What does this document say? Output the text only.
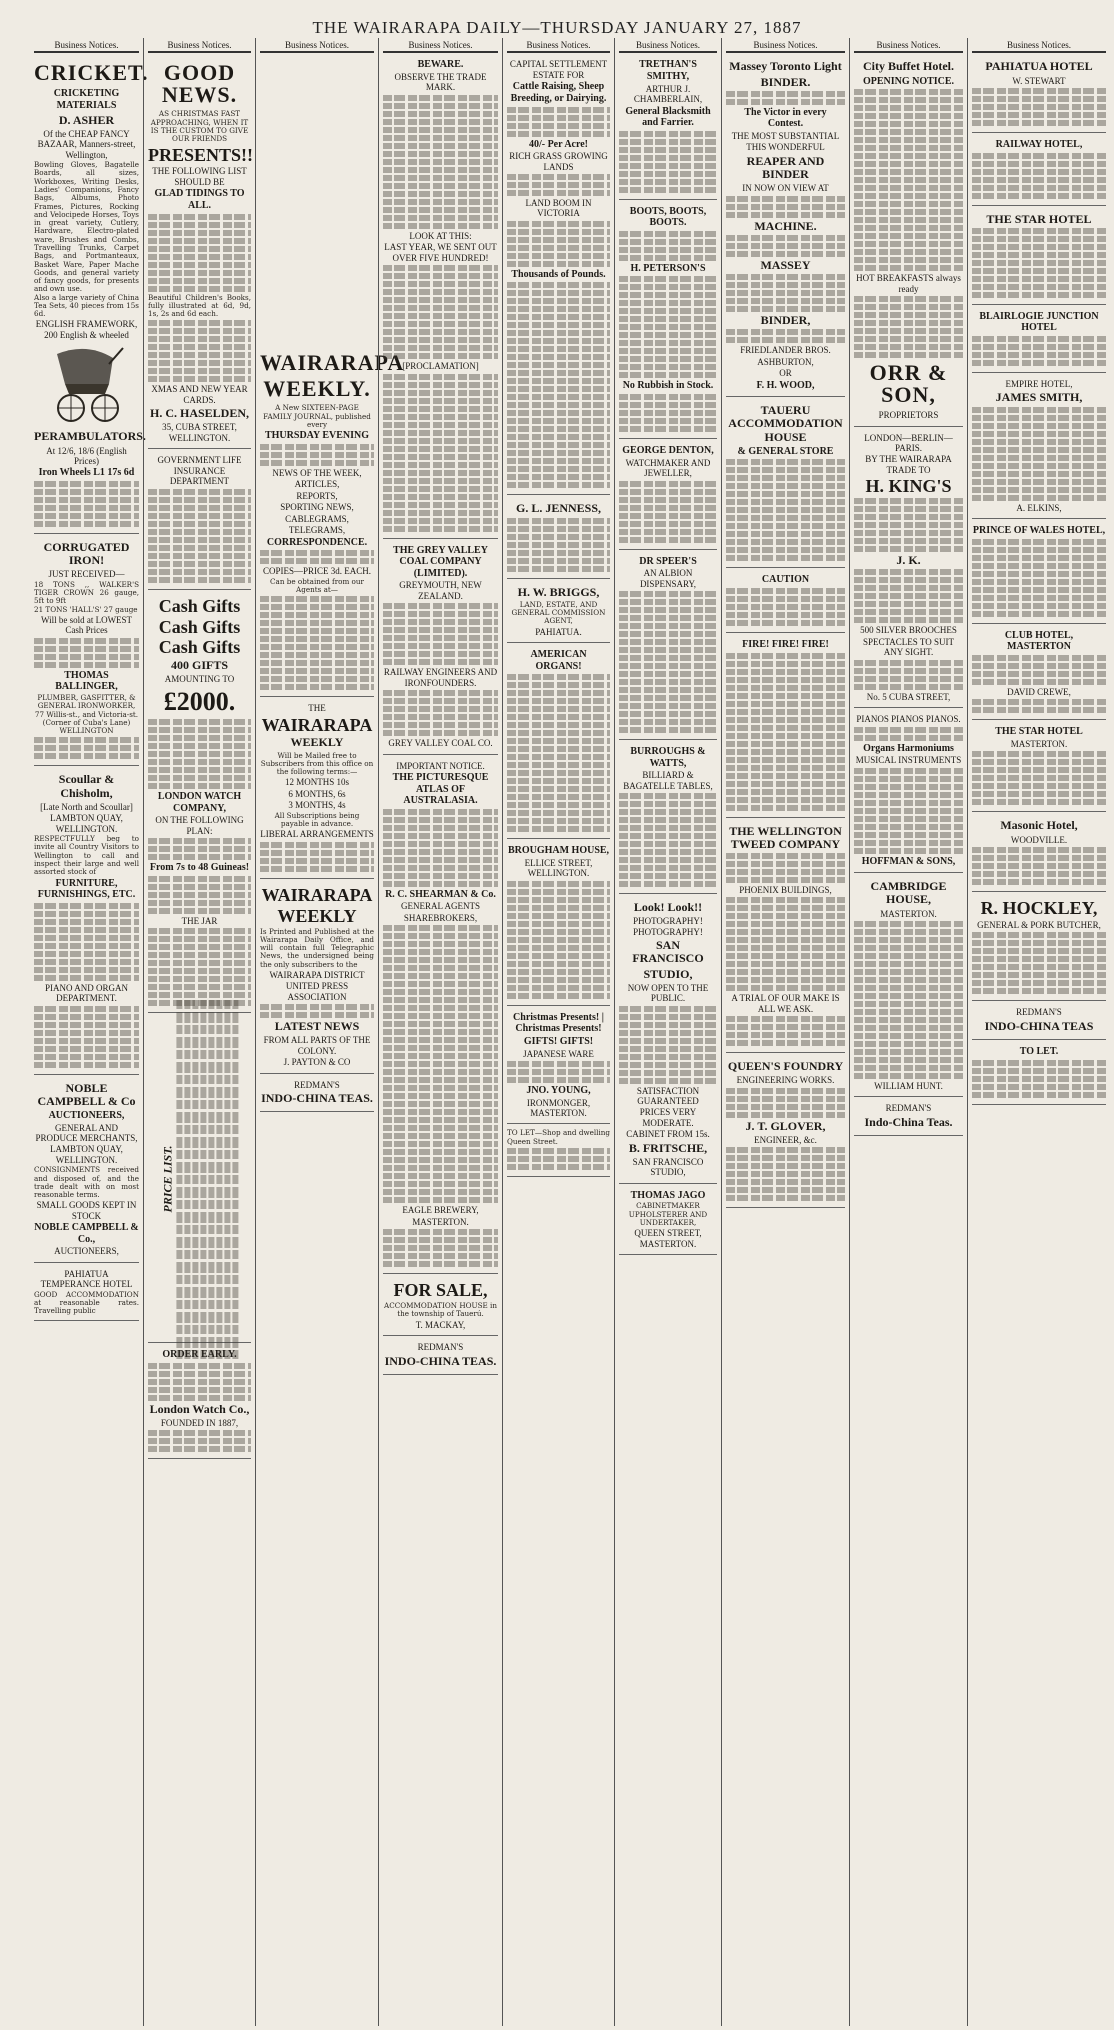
THE WAIRARAPA DAILY—THURSDAY JANUARY 27, 1887
Business Notices.
CRICKET.
CRICKETING MATERIALS
D. ASHER
Of the CHEAP FANCY BAZAAR, Manners-street, Wellington,
Bowling Gloves, Bagatelle Boards, all sizes, Workboxes, Writing Desks, Ladies' Companions, Fancy Bags, Albums, Photo Frames, Pictures, Rocking and Velocipede Horses, Toys in great variety, Cutlery, Hardware, Electro-plated ware, Brushes and Combs, Travelling Trunks, Carpet Bags, and Portmanteaux, Basket Ware, Paper Mache Goods, and general variety of fancy goods, for presents and own use.
Also a large variety of China Tea Sets, 40 pieces from 15s 6d.
ENGLISH FRAMEWORK, 200 English & wheeled
PERAMBULATORS.
At 12/6, 18/6 (English Prices)
Iron Wheels L1 17s 6d
CORRUGATED IRON!
JUST RECEIVED—
18 TONS ,, WALKER'S TIGER CROWN 26 gauge, 5ft to 9ft
21 TONS 'HALL'S' 27 gauge
Will be sold at LOWEST Cash Prices
THOMAS BALLINGER,
PLUMBER, GASFITTER, & GENERAL IRONWORKER, 77 Willis-st., and Victoria-st. (Corner of Cuba's Lane) WELLINGTON
Scoullar & Chisholm,
[Late North and Scoullar]
LAMBTON QUAY, WELLINGTON.
RESPECTFULLY beg to invite all Country Visitors to Wellington to call and inspect their large and well assorted stock of
FURNITURE, FURNISHINGS, ETC.
PIANO AND ORGAN DEPARTMENT.
NOBLE CAMPBELL & Co
AUCTIONEERS,
GENERAL AND PRODUCE MERCHANTS,
LAMBTON QUAY, WELLINGTON.
CONSIGNMENTS received and disposed of, and the trade dealt with on most reasonable terms.
SMALL GOODS KEPT IN STOCK
NOBLE CAMPBELL & Co.,
AUCTIONEERS,
PAHIATUA TEMPERANCE HOTEL
GOOD ACCOMMODATION at reasonable rates. Travelling public
Business Notices.
GOOD NEWS.
AS CHRISTMAS FAST APPROACHING, WHEN IT IS THE CUSTOM TO GIVE OUR FRIENDS
PRESENTS!!
THE FOLLOWING LIST SHOULD BE
GLAD TIDINGS TO ALL.
Beautiful Children's Books, fully illustrated at 6d, 9d, 1s, 2s and 6d each.
XMAS AND NEW YEAR CARDS.
H. C. HASELDEN,
35, CUBA STREET, WELLINGTON.
GOVERNMENT LIFE INSURANCE DEPARTMENT
Cash Gifts
Cash Gifts
Cash Gifts
400 GIFTS
AMOUNTING TO
£2000.
LONDON WATCH COMPANY,
ON THE FOLLOWING PLAN:
From 7s to 48 Guineas!
THE JAR
PRICE LIST.
ORDER EARLY.
London Watch Co.,
FOUNDED IN 1887,
Business Notices.
WAIRARAPA
WEEKLY.
A New SIXTEEN-PAGE FAMILY JOURNAL, published every
THURSDAY EVENING
NEWS OF THE WEEK,
ARTICLES,
REPORTS,
SPORTING NEWS,
CABLEGRAMS,
TELEGRAMS,
CORRESPONDENCE.
COPIES—PRICE 3d. EACH.
Can be obtained from our Agents at—
THE
WAIRARAPA
WEEKLY
Will be Mailed free to Subscribers from this office on the following terms:—
12 MONTHS 10s
6 MONTHS, 6s
3 MONTHS, 4s
All Subscriptions being payable in advance.
LIBERAL ARRANGEMENTS
WAIRARAPA
WEEKLY
Is Printed and Published at the Wairarapa Daily Office, and will contain full Telegraphic News, the undersigned being the only subscribers to the
WAIRARAPA DISTRICT
UNITED PRESS ASSOCIATION
LATEST NEWS
FROM ALL PARTS OF THE COLONY.
J. PAYTON & CO
REDMAN'S
INDO-CHINA TEAS.
Business Notices.
BEWARE.
OBSERVE THE TRADE MARK.
LOOK AT THIS:
LAST YEAR, WE SENT OUT OVER FIVE HUNDRED!
[PROCLAMATION]
THE GREY VALLEY COAL COMPANY (LIMITED).
GREYMOUTH, NEW ZEALAND.
RAILWAY ENGINEERS AND IRONFOUNDERS.
GREY VALLEY COAL CO.
IMPORTANT NOTICE.
THE PICTURESQUE ATLAS OF AUSTRALASIA.
R. C. SHEARMAN & Co.
GENERAL AGENTS
SHAREBROKERS,
EAGLE BREWERY,
MASTERTON.
FOR SALE,
ACCOMMODATION HOUSE in the township of Tauerú.
T. MACKAY,
REDMAN'S
INDO-CHINA TEAS.
Business Notices.
CAPITAL SETTLEMENT ESTATE FOR
Cattle Raising, Sheep Breeding, or Dairying.
40/- Per Acre!
RICH GRASS GROWING LANDS
LAND BOOM IN VICTORIA
Thousands of Pounds.
G. L. JENNESS,
H. W. BRIGGS,
LAND, ESTATE, AND GENERAL COMMISSION AGENT,
PAHIATUA.
AMERICAN ORGANS!
BROUGHAM HOUSE,
ELLICE STREET, WELLINGTON.
Christmas Presents! | Christmas Presents!
GIFTS! GIFTS!
JAPANESE WARE
JNO. YOUNG,
IRONMONGER, MASTERTON.
TO LET—Shop and dwelling Queen Street.
Business Notices.
TRETHAN'S SMITHY,
ARTHUR J. CHAMBERLAIN,
General Blacksmith and Farrier.
BOOTS, BOOTS, BOOTS.
H. PETERSON'S
No Rubbish in Stock.
GEORGE DENTON,
WATCHMAKER AND JEWELLER,
DR SPEER'S
AN ALBION DISPENSARY,
BURROUGHS & WATTS,
BILLIARD & BAGATELLE TABLES,
Look! Look!!
PHOTOGRAPHY! PHOTOGRAPHY!
SAN FRANCISCO
STUDIO,
NOW OPEN TO THE PUBLIC.
SATISFACTION GUARANTEED
PRICES VERY MODERATE.
CABINET FROM 15s.
B. FRITSCHE,
SAN FRANCISCO STUDIO,
THOMAS JAGO
CABINETMAKER UPHOLSTERER AND UNDERTAKER,
QUEEN STREET, MASTERTON.
Business Notices.
Massey Toronto Light
BINDER.
The Victor in every Contest.
THE MOST SUBSTANTIAL
THIS WONDERFUL
REAPER AND BINDER
IN NOW ON VIEW AT
MACHINE.
MASSEY
BINDER,
FRIEDLANDER BROS.
ASHBURTON,
OR
F. H. WOOD,
TAUERU ACCOMMODATION HOUSE
& GENERAL STORE
CAUTION
FIRE! FIRE! FIRE!
THE WELLINGTON TWEED COMPANY
PHOENIX BUILDINGS,
A TRIAL OF OUR MAKE IS ALL WE ASK.
QUEEN'S FOUNDRY
ENGINEERING WORKS.
J. T. GLOVER,
ENGINEER, &c.
Business Notices.
City Buffet Hotel.
OPENING NOTICE.
HOT BREAKFASTS always ready
ORR & SON,
PROPRIETORS
LONDON—BERLIN—PARIS.
BY THE WAIRARAPA TRADE TO
H. KING'S
J. K.
500 SILVER BROOCHES
SPECTACLES TO SUIT ANY SIGHT.
No. 5 CUBA STREET,
PIANOS PIANOS PIANOS.
Organs Harmoniums
MUSICAL INSTRUMENTS
HOFFMAN & SONS,
CAMBRIDGE HOUSE,
MASTERTON.
WILLIAM HUNT.
REDMAN'S
Indo-China Teas.
Business Notices.
PAHIATUA HOTEL
W. STEWART
RAILWAY HOTEL,
THE STAR HOTEL
BLAIRLOGIE JUNCTION HOTEL
EMPIRE HOTEL,
JAMES SMITH,
A. ELKINS,
PRINCE OF WALES HOTEL,
CLUB HOTEL, MASTERTON
DAVID CREWE,
THE STAR HOTEL
MASTERTON.
Masonic Hotel,
WOODVILLE.
R. HOCKLEY,
GENERAL & PORK BUTCHER,
REDMAN'S
INDO-CHINA TEAS
TO LET.
